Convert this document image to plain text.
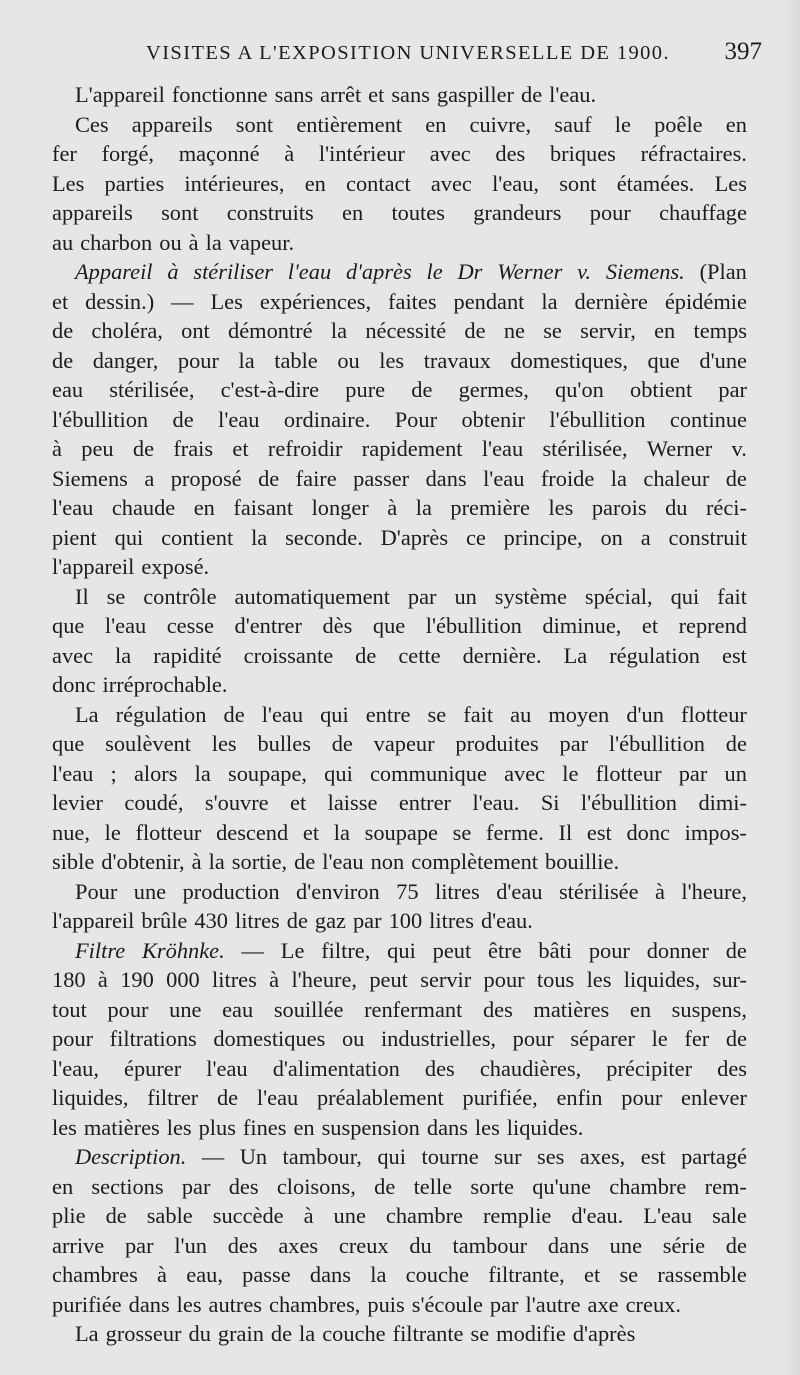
VISITES A L'EXPOSITION UNIVERSELLE DE 1900. 397
L'appareil fonctionne sans arrêt et sans gaspiller de l'eau.
Ces appareils sont entièrement en cuivre, sauf le poêle en
fer forgé, maçonné à l'intérieur avec des briques réfractaires.
Les parties intérieures, en contact avec l'eau, sont étamées. Les
appareils sont construits en toutes grandeurs pour chauffage
au charbon ou à la vapeur.
Appareil à stériliser l'eau d'après le Dr Werner v. Siemens. (Plan
et dessin.) — Les expériences, faites pendant la dernière épidémie
de choléra, ont démontré la nécessité de ne se servir, en temps
de danger, pour la table ou les travaux domestiques, que d'une
eau stérilisée, c'est-à-dire pure de germes, qu'on obtient par
l'ébullition de l'eau ordinaire. Pour obtenir l'ébullition continue
à peu de frais et refroidir rapidement l'eau stérilisée, Werner v.
Siemens a proposé de faire passer dans l'eau froide la chaleur de
l'eau chaude en faisant longer à la première les parois du réci-
pient qui contient la seconde. D'après ce principe, on a construit
l'appareil exposé.
Il se contrôle automatiquement par un système spécial, qui fait
que l'eau cesse d'entrer dès que l'ébullition diminue, et reprend
avec la rapidité croissante de cette dernière. La régulation est
donc irréprochable.
La régulation de l'eau qui entre se fait au moyen d'un flotteur
que soulèvent les bulles de vapeur produites par l'ébullition de
l'eau ; alors la soupape, qui communique avec le flotteur par un
levier coudé, s'ouvre et laisse entrer l'eau. Si l'ébullition dimi-
nue, le flotteur descend et la soupape se ferme. Il est donc impos-
sible d'obtenir, à la sortie, de l'eau non complètement bouillie.
Pour une production d'environ 75 litres d'eau stérilisée à l'heure,
l'appareil brûle 430 litres de gaz par 100 litres d'eau.
Filtre Kröhnke. — Le filtre, qui peut être bâti pour donner de
180 à 190 000 litres à l'heure, peut servir pour tous les liquides, sur-
tout pour une eau souillée renfermant des matières en suspens,
pour filtrations domestiques ou industrielles, pour séparer le fer de
l'eau, épurer l'eau d'alimentation des chaudières, précipiter des
liquides, filtrer de l'eau préalablement purifiée, enfin pour enlever
les matières les plus fines en suspension dans les liquides.
Description. — Un tambour, qui tourne sur ses axes, est partagé
en sections par des cloisons, de telle sorte qu'une chambre rem-
plie de sable succède à une chambre remplie d'eau. L'eau sale
arrive par l'un des axes creux du tambour dans une série de
chambres à eau, passe dans la couche filtrante, et se rassemble
purifiée dans les autres chambres, puis s'écoule par l'autre axe creux.
La grosseur du grain de la couche filtrante se modifie d'après
